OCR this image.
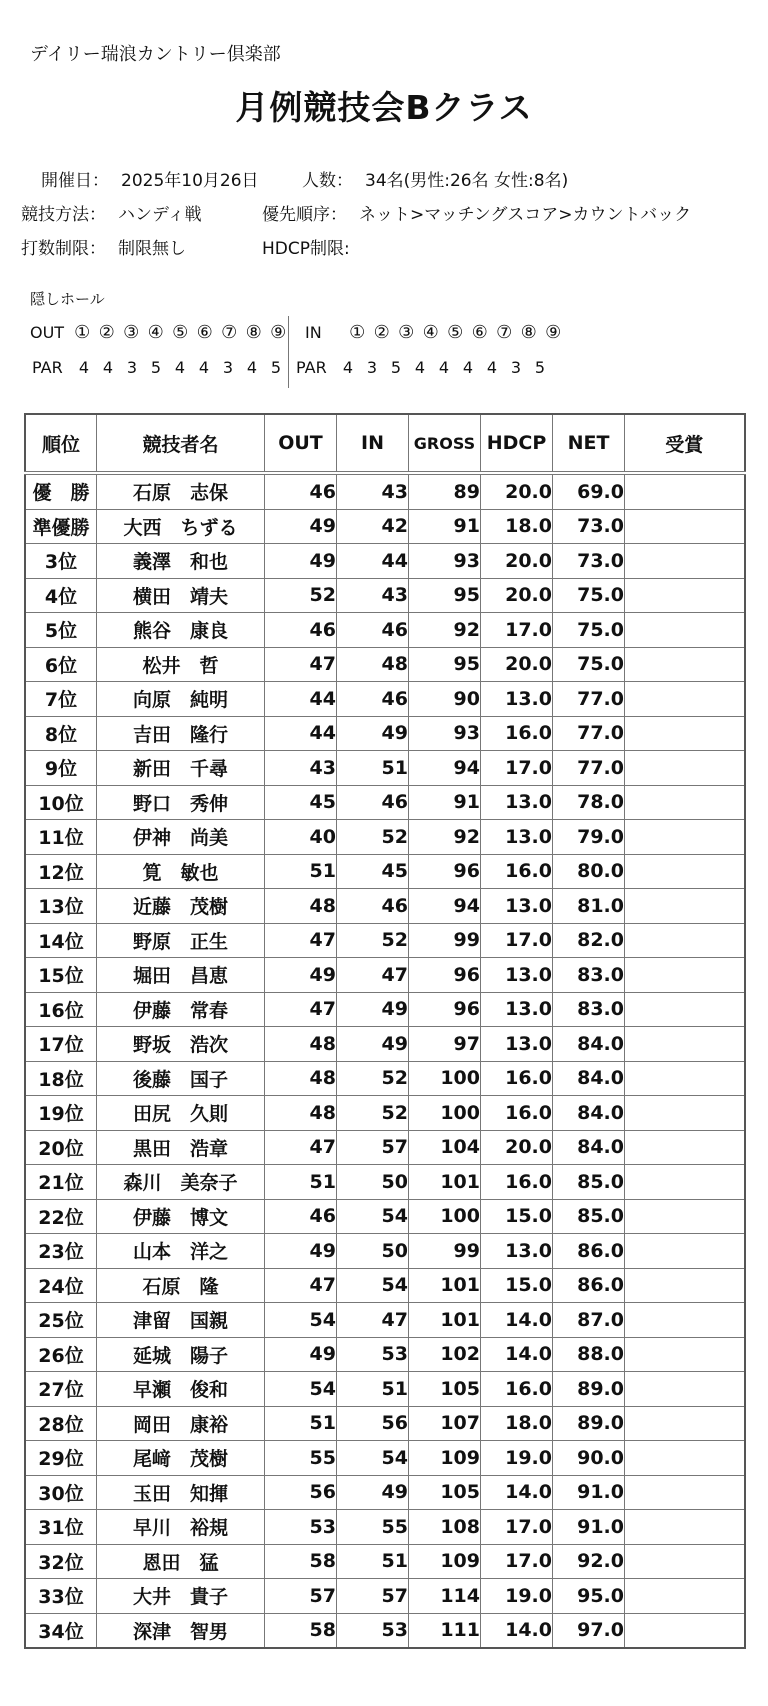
デイリー瑞浪カントリー倶楽部
月例競技会Bクラス
開催日： 2025年10月26日	人数： 34名(男性:26名 女性:8名)
競技方法： ハンディ戦	優先順序： ネット>マッチングスコア>カウントバック
打数制限： 制限無し	HDCP制限:
隠しホール
OUT ① ② ③ ④ ⑤ ⑥ ⑦ ⑧ ⑨ IN ① ② ③ ④ ⑤ ⑥ ⑦ ⑧ ⑨
PAR 4 4 3 5 4 4 3 4 5 PAR 4 3 5 4 4 4 4 3 5
順位	競技者名	OUT	IN	GROSS	HDCP	NET	受賞
優　勝	石原　志保	46	43	89	20.0	69.0	
準優勝	大西　ちずる	49	42	91	18.0	73.0	
3位	義澤　和也	49	44	93	20.0	73.0	
4位	横田　靖夫	52	43	95	20.0	75.0	
5位	熊谷　康良	46	46	92	17.0	75.0	
6位	松井　哲	47	48	95	20.0	75.0	
7位	向原　純明	44	46	90	13.0	77.0	
8位	吉田　隆行	44	49	93	16.0	77.0	
9位	新田　千尋	43	51	94	17.0	77.0	
10位	野口　秀伸	45	46	91	13.0	78.0	
11位	伊神　尚美	40	52	92	13.0	79.0	
12位	筧　敏也	51	45	96	16.0	80.0	
13位	近藤　茂樹	48	46	94	13.0	81.0	
14位	野原　正生	47	52	99	17.0	82.0	
15位	堀田　昌恵	49	47	96	13.0	83.0	
16位	伊藤　常春	47	49	96	13.0	83.0	
17位	野坂　浩次	48	49	97	13.0	84.0	
18位	後藤　国子	48	52	100	16.0	84.0	
19位	田尻　久則	48	52	100	16.0	84.0	
20位	黒田　浩章	47	57	104	20.0	84.0	
21位	森川　美奈子	51	50	101	16.0	85.0	
22位	伊藤　博文	46	54	100	15.0	85.0	
23位	山本　洋之	49	50	99	13.0	86.0	
24位	石原　隆	47	54	101	15.0	86.0	
25位	津留　国親	54	47	101	14.0	87.0	
26位	延城　陽子	49	53	102	14.0	88.0	
27位	早瀬　俊和	54	51	105	16.0	89.0	
28位	岡田　康裕	51	56	107	18.0	89.0	
29位	尾﨑　茂樹	55	54	109	19.0	90.0	
30位	玉田　知揮	56	49	105	14.0	91.0	
31位	早川　裕規	53	55	108	17.0	91.0	
32位	恩田　猛	58	51	109	17.0	92.0	
33位	大井　貴子	57	57	114	19.0	95.0	
34位	深津　智男	58	53	111	14.0	97.0	
